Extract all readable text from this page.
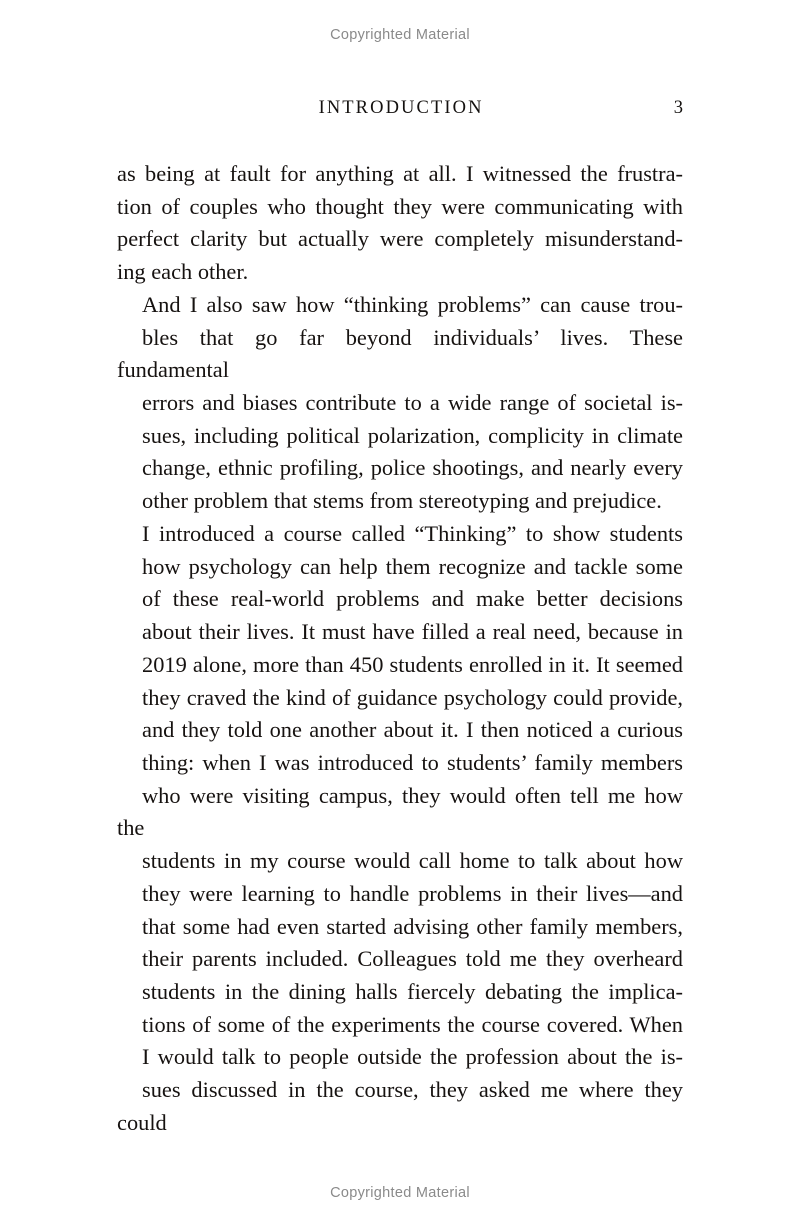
Copyrighted Material
INTRODUCTION	3

as being at fault for anything at all. I witnessed the frustra-
tion of couples who thought they were communicating with
perfect clarity but actually were completely misunderstand-
ing each other.

And I also saw how “thinking problems” can cause trou-
bles that go far beyond individuals’ lives. These fundamental
errors and biases contribute to a wide range of societal is-
sues, including political polarization, complicity in climate
change, ethnic profiling, police shootings, and nearly every
other problem that stems from stereotyping and prejudice.

I introduced a course called “Thinking” to show students
how psychology can help them recognize and tackle some
of these real-world problems and make better decisions
about their lives. It must have filled a real need, because in
2019 alone, more than 450 students enrolled in it. It seemed
they craved the kind of guidance psychology could provide,
and they told one another about it. I then noticed a curious
thing: when I was introduced to students’ family members
who were visiting campus, they would often tell me how the
students in my course would call home to talk about how
they were learning to handle problems in their lives—and
that some had even started advising other family members,
their parents included. Colleagues told me they overheard
students in the dining halls fiercely debating the implica-
tions of some of the experiments the course covered. When
I would talk to people outside the profession about the is-
sues discussed in the course, they asked me where they could

Copyrighted Material
